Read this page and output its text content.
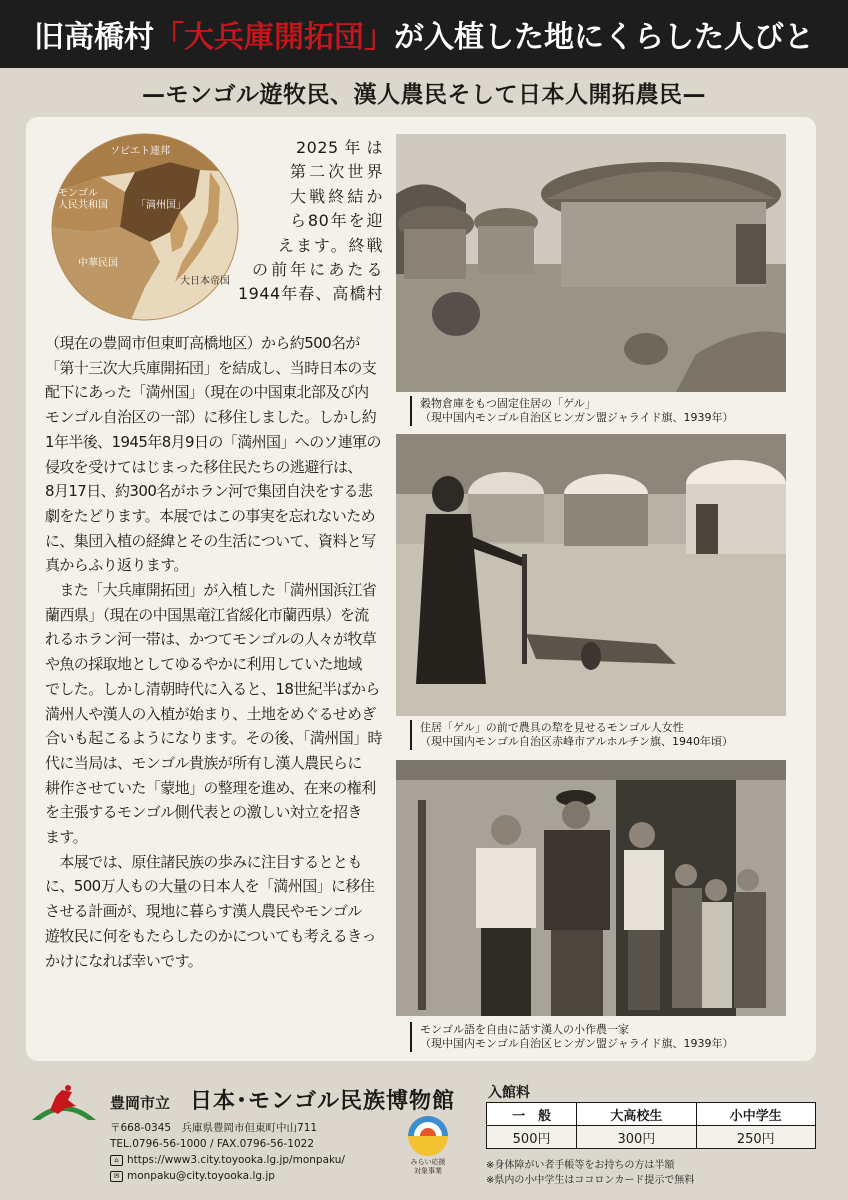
旧高橋村「大兵庫開拓団」が入植した地にくらした人びと
—モンゴル遊牧民、漢人農民そして日本人開拓農民—
ソビエト連邦
モンゴル
人民共和国	「満州国」
中華民国
大日本帝国
2025年は
第二次世界
大戦終結か
ら80年を迎
えます。終戦
の前年にあたる
1944年春、高橋村
（現在の豊岡市但東町高橋地区）から約500名が
「第十三次大兵庫開拓団」を結成し、当時日本の支
配下にあった「満州国」（現在の中国東北部及び内
モンゴル自治区の一部）に移住しました。しかし約
1年半後、1945年8月9日の「満州国」へのソ連軍の
侵攻を受けてはじまった移住民たちの逃避行は、
8月17日、約300名がホラン河で集団自決をする悲
劇をたどります。本展ではこの事実を忘れないため
に、集団入植の経緯とその生活について、資料と写
真からふり返ります。
　また「大兵庫開拓団」が入植した「満州国浜江省
蘭西県」（現在の中国黒竜江省綏化市蘭西県）を流
れるホラン河一帯は、かつてモンゴルの人々が牧草
や魚の採取地としてゆるやかに利用していた地域
でした。しかし清朝時代に入ると、18世紀半ばから
満州人や漢人の入植が始まり、土地をめぐるせめぎ
合いも起こるようになります。その後、「満州国」時
代に当局は、モンゴル貴族が所有し漢人農民らに
耕作させていた「蒙地」の整理を進め、在来の権利
を主張するモンゴル側代表との激しい対立を招き
ます。
　本展では、原住諸民族の歩みに注目するととも
に、500万人もの大量の日本人を「満州国」に移住
させる計画が、現地に暮らす漢人農民やモンゴル
遊牧民に何をもたらしたのかについても考えるきっ
かけになれば幸いです。
穀物倉庫をもつ固定住居の「ゲル」
（現中国内モンゴル自治区ヒンガン盟ジャライド旗、1939年）
住居「ゲル」の前で農具の犂を見せるモンゴル人女性
（現中国内モンゴル自治区赤峰市アルホルチン旗、1940年頃）
モンゴル語を自由に話す漢人の小作農一家
（現中国内モンゴル自治区ヒンガン盟ジャライド旗、1939年）
豊岡市立 日本･モンゴル民族博物館
〒668-0345　兵庫県豊岡市但東町中山711
TEL.0796-56-1000 / FAX.0796-56-1022
⌂ https://www3.city.toyooka.lg.jp/monpaku/
✉ monpaku@city.toyooka.lg.jp
みらい応援
対象事業
入館料
一　般	大高校生	小中学生
500円	300円	250円
※身体障がい者手帳等をお持ちの方は半額
※県内の小中学生はココロンカード提示で無料
